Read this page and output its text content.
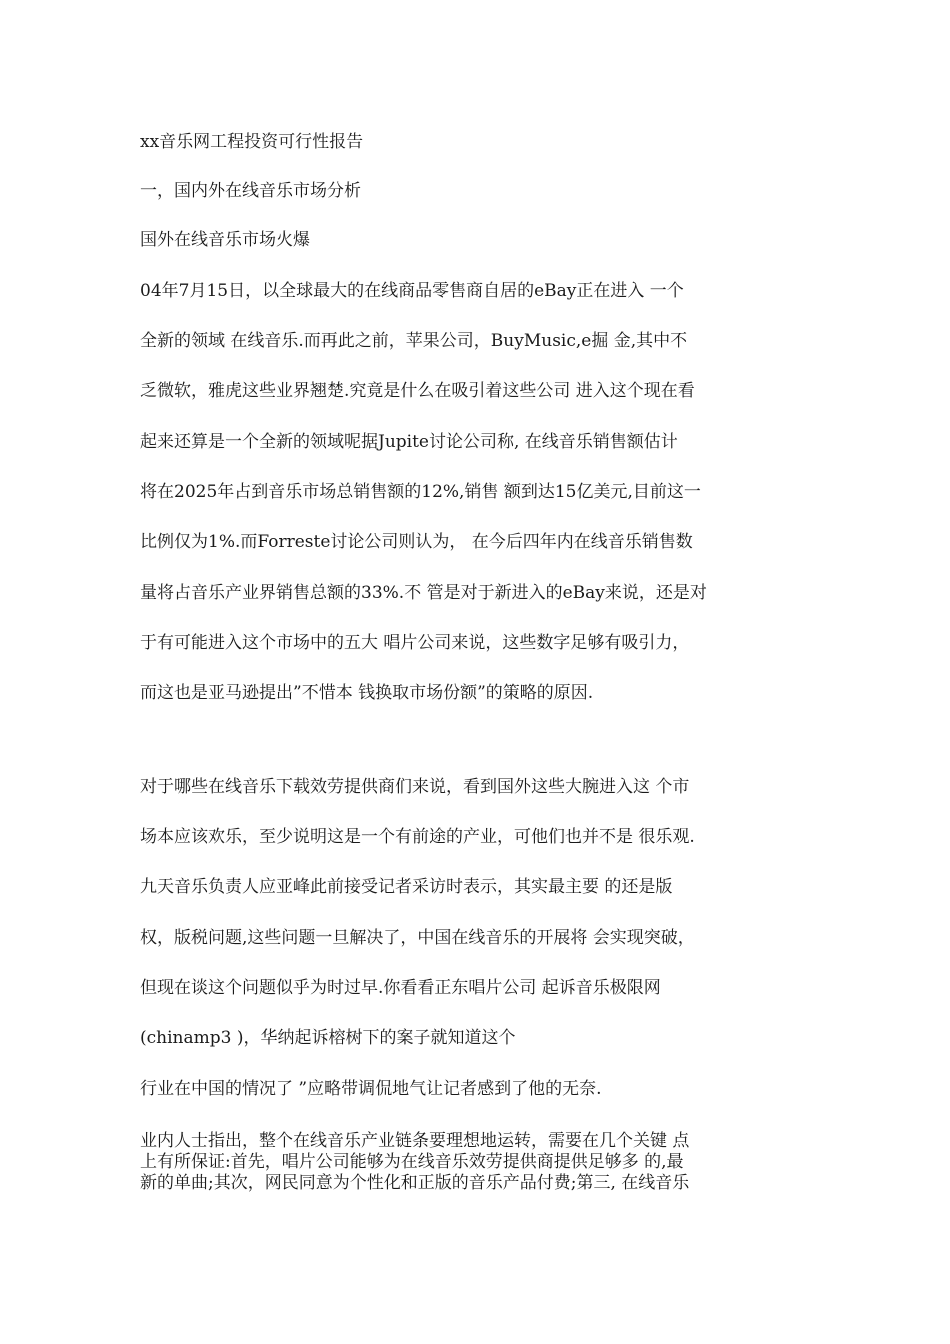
xx音乐网工程投资可行性报告
一，国内外在线音乐市场分析
国外在线音乐市场火爆
04年7月15日，以全球最大的在线商品零售商自居的eBay正在进入 一个
全新的领域 在线音乐.而再此之前，苹果公司，BuyMusic,e掘 金,其中不
乏微软，雅虎这些业界翘楚.究竟是什么在吸引着这些公司 进入这个现在看
起来还算是一个全新的领域呢据Jupite讨论公司称, 在线音乐销售额估计
将在2025年占到音乐市场总销售额的12%,销售 额到达15亿美元,目前这一
比例仅为1%.而Forreste讨论公司则认为， 在今后四年内在线音乐销售数
量将占音乐产业界销售总额的33%.不 管是对于新进入的eBay来说，还是对
于有可能进入这个市场中的五大 唱片公司来说，这些数字足够有吸引力，
而这也是亚马逊提出”不惜本 钱换取市场份额”的策略的原因.
对于哪些在线音乐下载效劳提供商们来说，看到国外这些大腕进入这 个市
场本应该欢乐，至少说明这是一个有前途的产业，可他们也并不是 很乐观.
九天音乐负责人应亚峰此前接受记者采访时表示，其实最主要 的还是版
权，版税问题,这些问题一旦解决了，中国在线音乐的开展将 会实现突破，
但现在谈这个问题似乎为时过早.你看看正东唱片公司 起诉音乐极限网
(chinamp3 )，华纳起诉榕树下的案子就知道这个
行业在中国的情况了 ”应略带调侃地气让记者感到了他的无奈.
业内人士指出，整个在线音乐产业链条要理想地运转，需要在几个关键 点
上有所保证:首先，唱片公司能够为在线音乐效劳提供商提供足够多 的,最
新的单曲;其次，网民同意为个性化和正版的音乐产品付费;第三, 在线音乐
